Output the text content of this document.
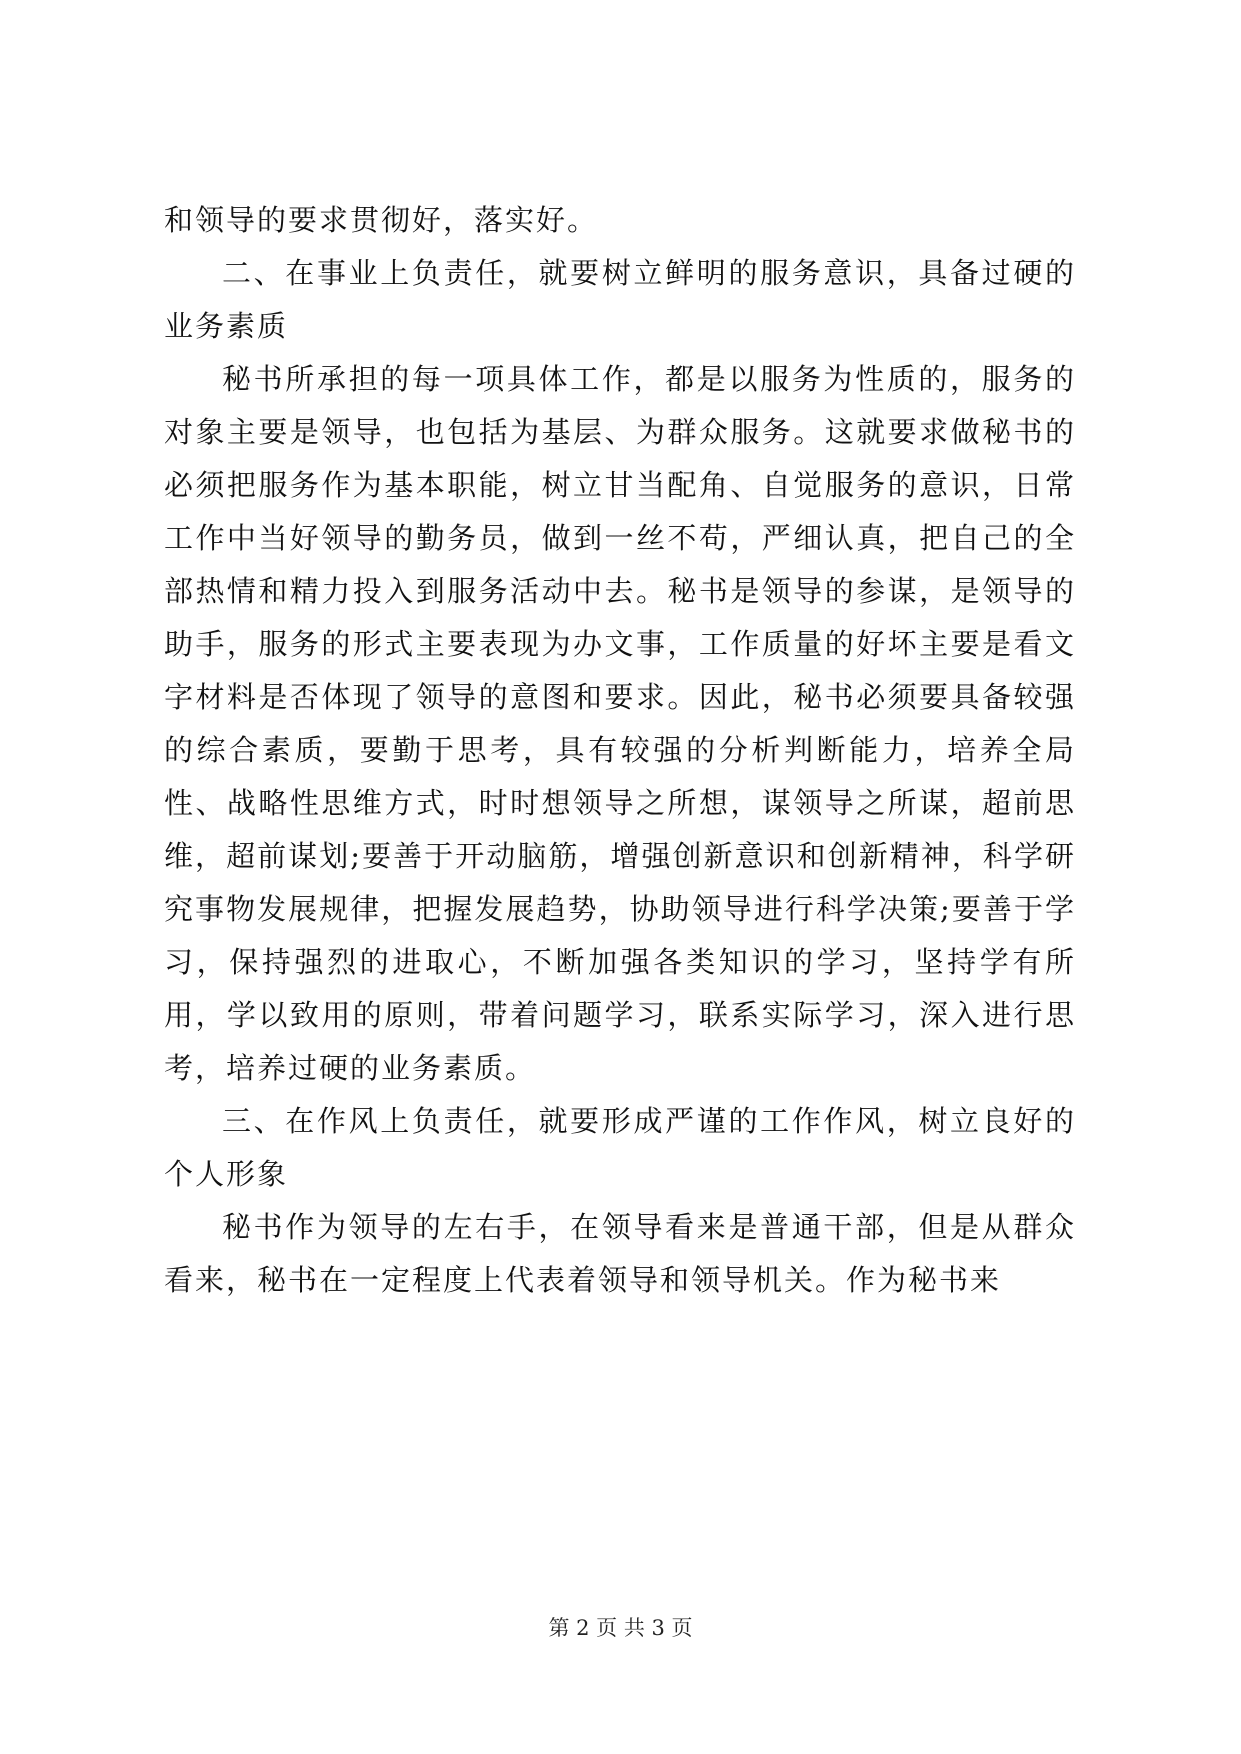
和领导的要求贯彻好，落实好。

二、在事业上负责任，就要树立鲜明的服务意识，具备过硬的业务素质

秘书所承担的每一项具体工作，都是以服务为性质的，服务的对象主要是领导，也包括为基层、为群众服务。这就要求做秘书的必须把服务作为基本职能，树立甘当配角、自觉服务的意识，日常工作中当好领导的勤务员，做到一丝不苟，严细认真，把自己的全部热情和精力投入到服务活动中去。秘书是领导的参谋，是领导的助手，服务的形式主要表现为办文事，工作质量的好坏主要是看文字材料是否体现了领导的意图和要求。因此，秘书必须要具备较强的综合素质，要勤于思考，具有较强的分析判断能力，培养全局性、战略性思维方式，时时想领导之所想，谋领导之所谋，超前思维，超前谋划;要善于开动脑筋，增强创新意识和创新精神，科学研究事物发展规律，把握发展趋势，协助领导进行科学决策;要善于学习，保持强烈的进取心，不断加强各类知识的学习，坚持学有所用，学以致用的原则，带着问题学习，联系实际学习，深入进行思考，培养过硬的业务素质。

三、在作风上负责任，就要形成严谨的工作作风，树立良好的个人形象

秘书作为领导的左右手，在领导看来是普通干部，但是从群众看来，秘书在一定程度上代表着领导和领导机关。作为秘书来

第 2 页 共 3 页
